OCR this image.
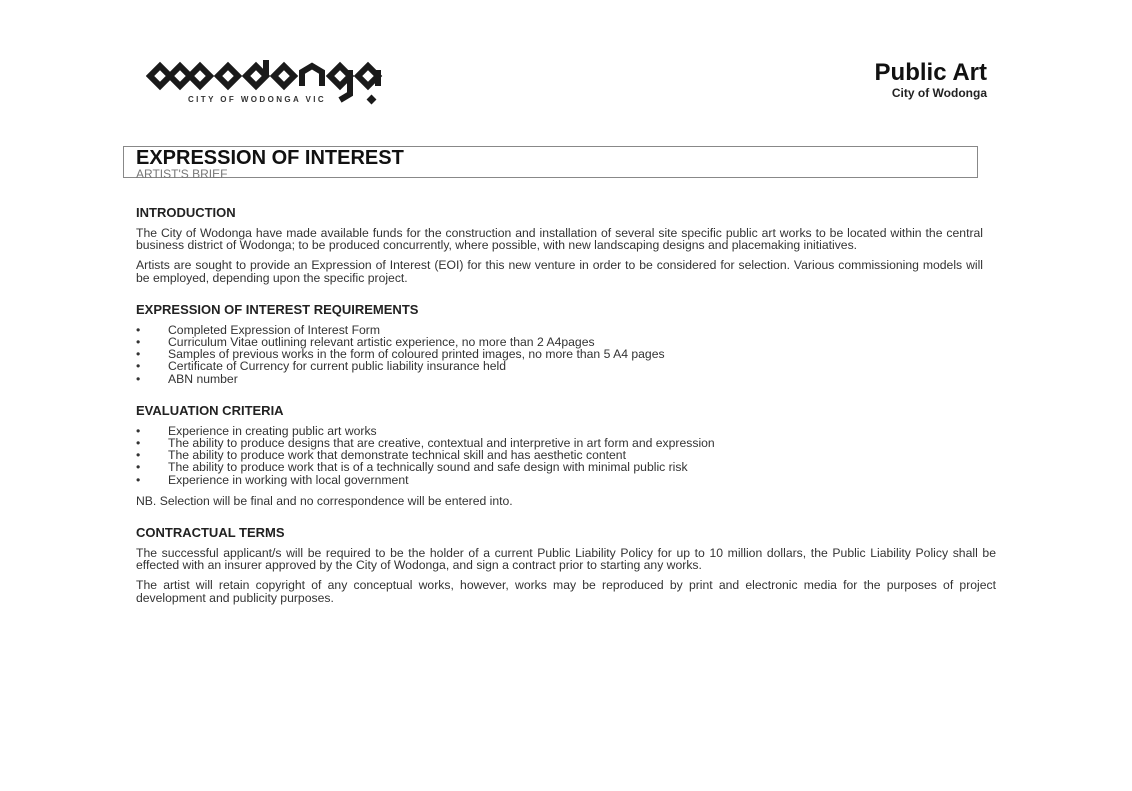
CITY OF WODONGA VIC
Public Art
City of Wodonga
EXPRESSION OF INTEREST
ARTIST'S BRIEF
INTRODUCTION
The City of Wodonga have made available funds for the construction and installation of several site specific public art works to be located within the central business district of Wodonga; to be produced concurrently, where possible, with new landscaping designs and placemaking initiatives.
Artists are sought to provide an Expression of Interest (EOI) for this new venture in order to be considered for selection. Various commissioning models will be employed, depending upon the specific project.
EXPRESSION OF INTEREST REQUIREMENTS
• Completed Expression of Interest Form
• Curriculum Vitae outlining relevant artistic experience, no more than 2 A4pages
• Samples of previous works in the form of coloured printed images, no more than 5 A4 pages
• Certificate of Currency for current public liability insurance held
• ABN number
EVALUATION CRITERIA
• Experience in creating public art works
• The ability to produce designs that are creative, contextual and interpretive in art form and expression
• The ability to produce work that demonstrate technical skill and has aesthetic content
• The ability to produce work that is of a technically sound and safe design with minimal public risk
• Experience in working with local government
NB. Selection will be final and no correspondence will be entered into.
CONTRACTUAL TERMS
The successful applicant/s will be required to be the holder of a current Public Liability Policy for up to 10 million dollars, the Public Liability Policy shall be effected with an insurer approved by the City of Wodonga, and sign a contract prior to starting any works.
The artist will retain copyright of any conceptual works, however, works may be reproduced by print and electronic media for the purposes of project development and publicity purposes.
